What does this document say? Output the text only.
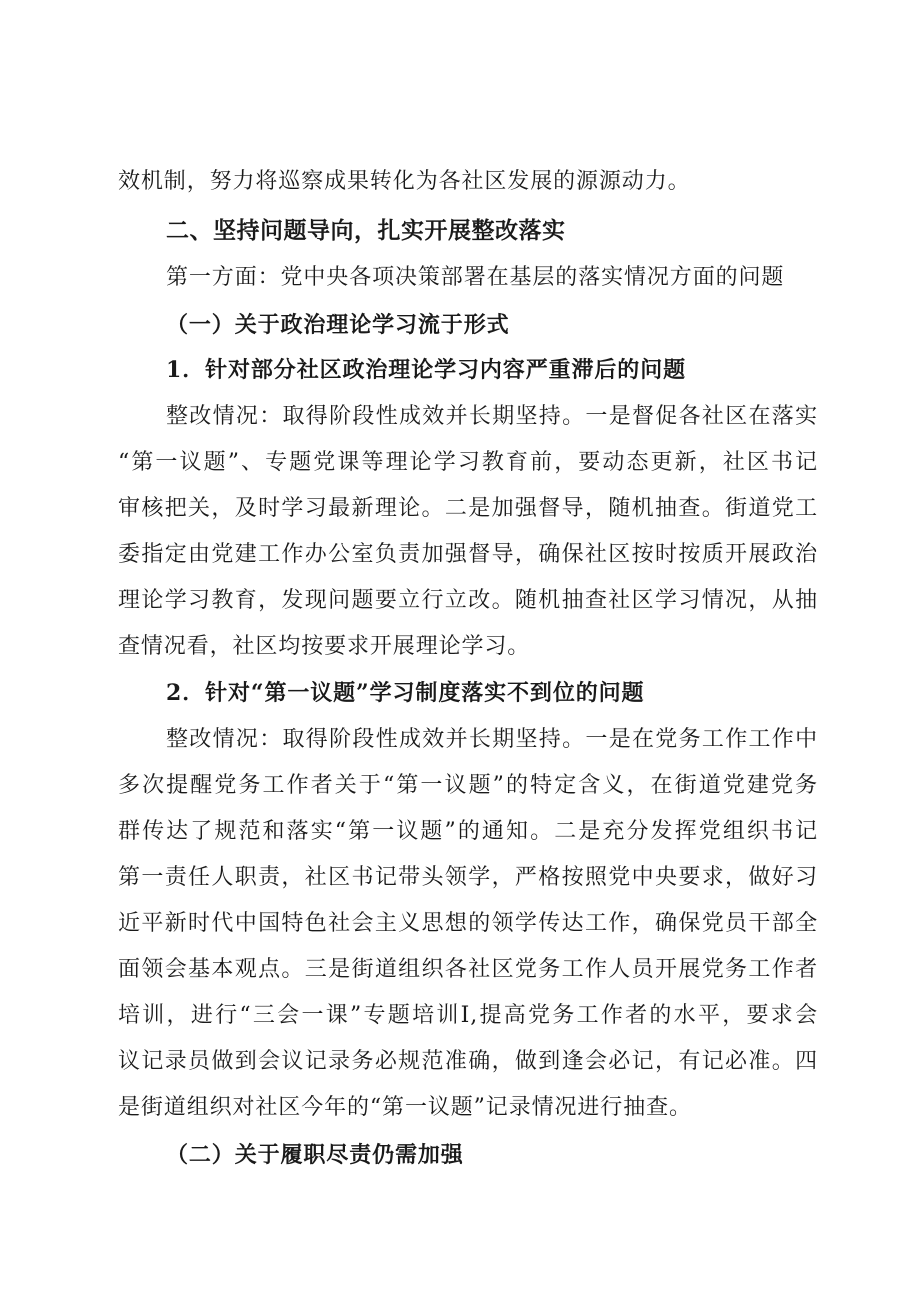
效机制，努力将巡察成果转化为各社区发展的源源动力。
二、坚持问题导向，扎实开展整改落实
第一方面：党中央各项决策部署在基层的落实情况方面的问题
（一）关于政治理论学习流于形式
1．针对部分社区政治理论学习内容严重滞后的问题
整改情况：取得阶段性成效并长期坚持。一是督促各社区在落实
“第一议题”、专题党课等理论学习教育前，要动态更新，社区书记
审核把关，及时学习最新理论。二是加强督导，随机抽查。街道党工
委指定由党建工作办公室负责加强督导，确保社区按时按质开展政治
理论学习教育，发现问题要立行立改。随机抽查社区学习情况，从抽
查情况看，社区均按要求开展理论学习。
2．针对“第一议题”学习制度落实不到位的问题
整改情况：取得阶段性成效并长期坚持。一是在党务工作工作中
多次提醒党务工作者关于“第一议题”的特定含义，在街道党建党务
群传达了规范和落实“第一议题”的通知。二是充分发挥党组织书记
第一责任人职责，社区书记带头领学，严格按照党中央要求，做好习
近平新时代中国特色社会主义思想的领学传达工作，确保党员干部全
面领会基本观点。三是街道组织各社区党务工作人员开展党务工作者
培训，进行“三会一课”专题培训I,提高党务工作者的水平，要求会
议记录员做到会议记录务必规范准确，做到逢会必记，有记必准。四
是街道组织对社区今年的“第一议题”记录情况进行抽查。
（二）关于履职尽责仍需加强
